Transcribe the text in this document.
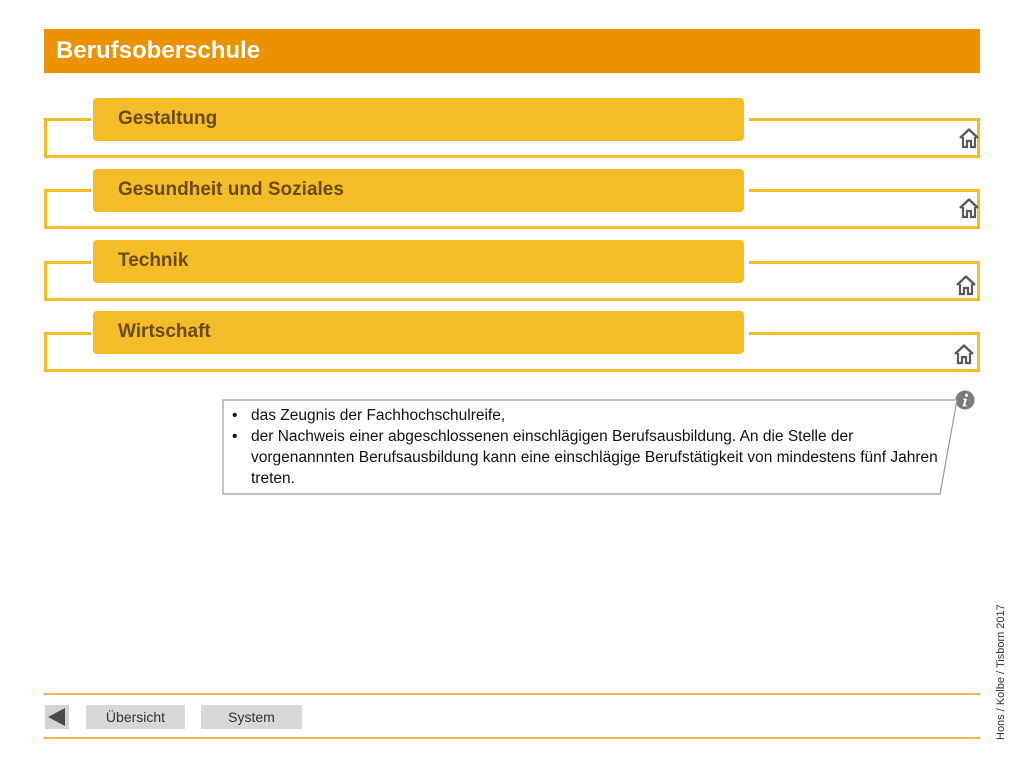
Berufsoberschule
Gestaltung
Gesundheit und Soziales
Technik
Wirtschaft
• das Zeugnis der Fachhochschulreife,
• der Nachweis einer abgeschlossenen einschlägigen Berufsausbildung. An die Stelle der vorgenannnten Berufsausbildung kann eine einschlägige Berufstätigkeit von mindestens fünf Jahren treten.
Hons / Kolbe / Tisborn 2017
Übersicht	System
